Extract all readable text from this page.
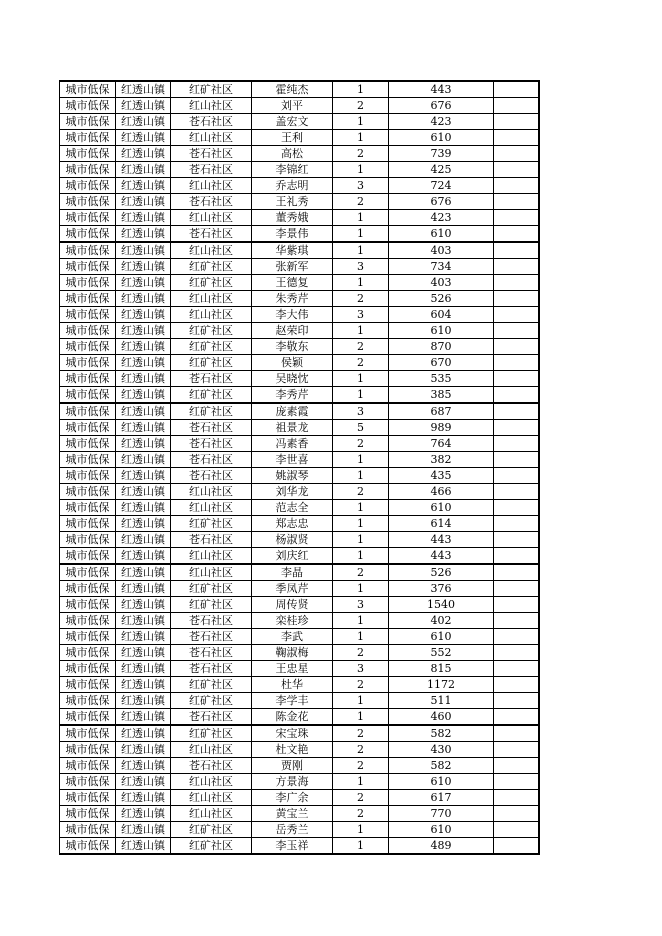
城市低保	红透山镇	红矿社区	霍纯杰	1	443	
城市低保	红透山镇	红山社区	刘平	2	676	
城市低保	红透山镇	苍石社区	盖宏文	1	423	
城市低保	红透山镇	红山社区	王利	1	610	
城市低保	红透山镇	苍石社区	高松	2	739	
城市低保	红透山镇	苍石社区	李锦红	1	425	
城市低保	红透山镇	红山社区	乔志明	3	724	
城市低保	红透山镇	苍石社区	王礼秀	2	676	
城市低保	红透山镇	红山社区	董秀娥	1	423	
城市低保	红透山镇	苍石社区	李景伟	1	610	
城市低保	红透山镇	红山社区	华紫琪	1	403	
城市低保	红透山镇	红矿社区	张新军	3	734	
城市低保	红透山镇	红矿社区	王德复	1	403	
城市低保	红透山镇	红山社区	朱秀芹	2	526	
城市低保	红透山镇	红山社区	李大伟	3	604	
城市低保	红透山镇	红矿社区	赵荣印	1	610	
城市低保	红透山镇	红矿社区	李敬东	2	870	
城市低保	红透山镇	红矿社区	侯颖	2	670	
城市低保	红透山镇	苍石社区	吴晓忱	1	535	
城市低保	红透山镇	红矿社区	李秀芹	1	385	
城市低保	红透山镇	红矿社区	庞素霞	3	687	
城市低保	红透山镇	苍石社区	祖景龙	5	989	
城市低保	红透山镇	苍石社区	冯素香	2	764	
城市低保	红透山镇	苍石社区	李世喜	1	382	
城市低保	红透山镇	苍石社区	姚淑琴	1	435	
城市低保	红透山镇	红山社区	刘华龙	2	466	
城市低保	红透山镇	红山社区	范志全	1	610	
城市低保	红透山镇	红矿社区	郑志忠	1	614	
城市低保	红透山镇	苍石社区	杨淑贤	1	443	
城市低保	红透山镇	红山社区	刘庆红	1	443	
城市低保	红透山镇	红山社区	李晶	2	526	
城市低保	红透山镇	红矿社区	季凤芹	1	376	
城市低保	红透山镇	红矿社区	周传贤	3	1540	
城市低保	红透山镇	苍石社区	栾桂珍	1	402	
城市低保	红透山镇	苍石社区	李武	1	610	
城市低保	红透山镇	苍石社区	鞠淑梅	2	552	
城市低保	红透山镇	苍石社区	王忠星	3	815	
城市低保	红透山镇	红矿社区	杜华	2	1172	
城市低保	红透山镇	红矿社区	李学丰	1	511	
城市低保	红透山镇	苍石社区	陈金花	1	460	
城市低保	红透山镇	红矿社区	宋宝珠	2	582	
城市低保	红透山镇	红山社区	杜文艳	2	430	
城市低保	红透山镇	苍石社区	贾刚	2	582	
城市低保	红透山镇	红山社区	方景海	1	610	
城市低保	红透山镇	红山社区	李广余	2	617	
城市低保	红透山镇	红山社区	黄宝兰	2	770	
城市低保	红透山镇	红矿社区	岳秀兰	1	610	
城市低保	红透山镇	红矿社区	李玉祥	1	489	
